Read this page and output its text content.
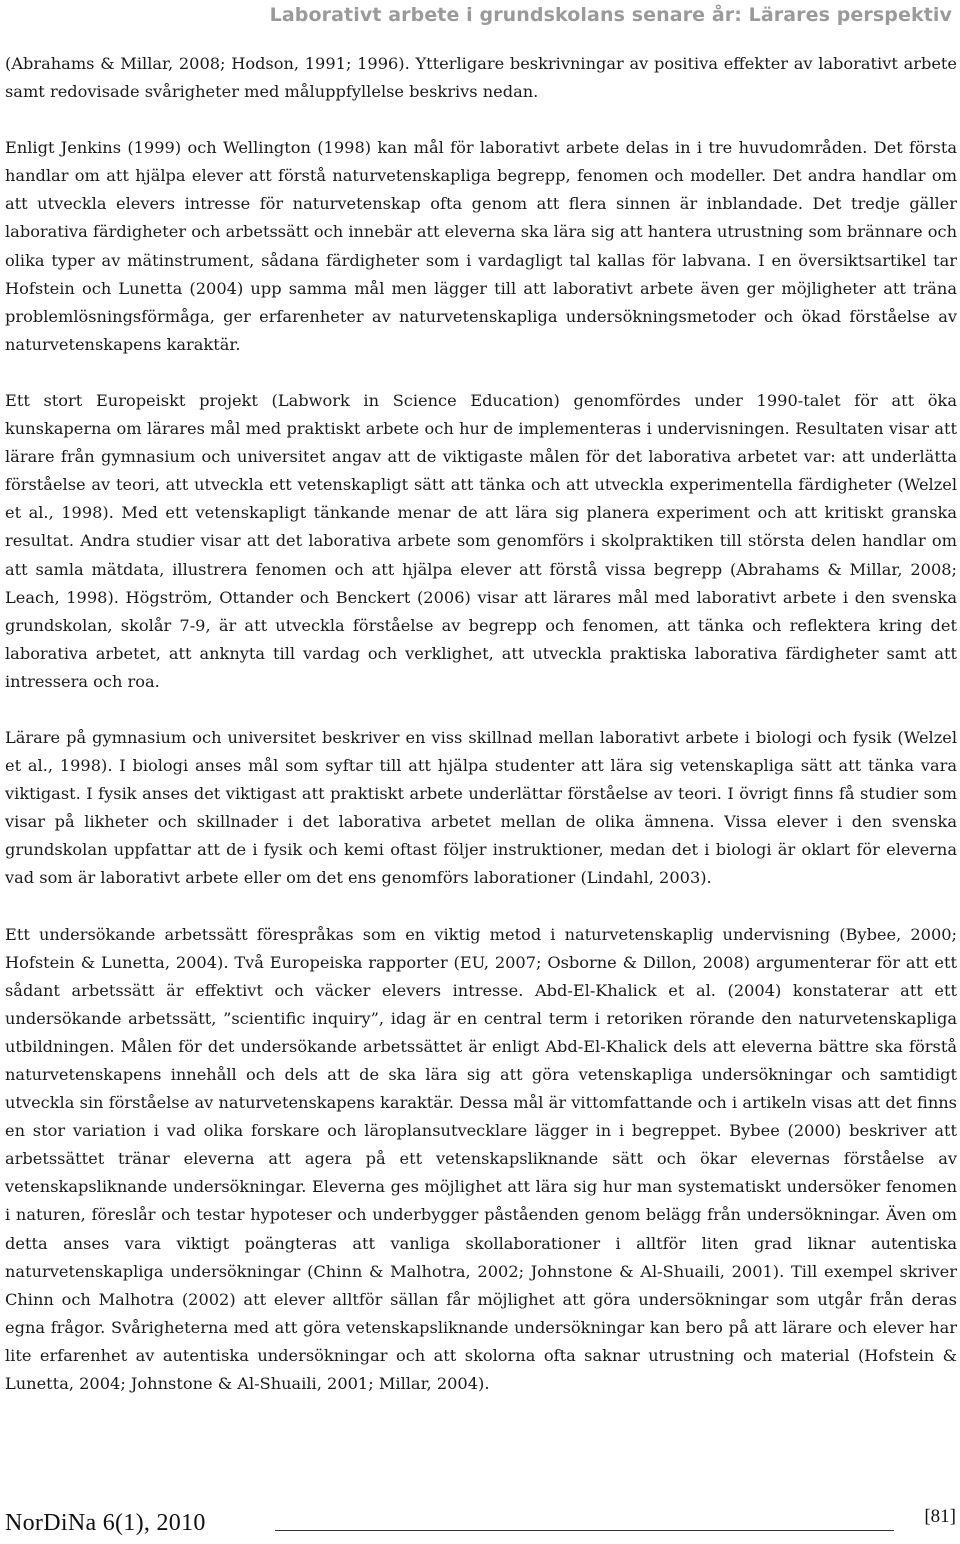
Laborativt arbete i grundskolans senare år: Lärares perspektiv

(Abrahams & Millar, 2008; Hodson, 1991; 1996). Ytterligare beskrivningar av positiva effekter av laborativt arbete samt redovisade svårigheter med måluppfyllelse beskrivs nedan.

Enligt Jenkins (1999) och Wellington (1998) kan mål för laborativt arbete delas in i tre huvudområden. Det första handlar om att hjälpa elever att förstå naturvetenskapliga begrepp, fenomen och modeller. Det andra handlar om att utveckla elevers intresse för naturvetenskap ofta genom att flera sinnen är inblandade. Det tredje gäller laborativa färdigheter och arbetssätt och innebär att eleverna ska lära sig att hantera utrustning som brännare och olika typer av mätinstrument, sådana färdigheter som i vardagligt tal kallas för labvana. I en översiktsartikel tar Hofstein och Lunetta (2004) upp samma mål men lägger till att laborativt arbete även ger möjligheter att träna problemlösningsförmåga, ger erfarenheter av naturvetenskapliga undersökningsmetoder och ökad förståelse av naturvetenskapens karaktär.

Ett stort Europeiskt projekt (Labwork in Science Education) genomfördes under 1990-talet för att öka kunskaperna om lärares mål med praktiskt arbete och hur de implementeras i undervisningen. Resultaten visar att lärare från gymnasium och universitet angav att de viktigaste målen för det laborativa arbetet var: att underlätta förståelse av teori, att utveckla ett vetenskapligt sätt att tänka och att utveckla experimentella färdigheter (Welzel et al., 1998). Med ett vetenskapligt tänkande menar de att lära sig planera experiment och att kritiskt granska resultat. Andra studier visar att det laborativa arbete som genomförs i skolpraktiken till största delen handlar om att samla mätdata, illustrera fenomen och att hjälpa elever att förstå vissa begrepp (Abrahams & Millar, 2008; Leach, 1998). Högström, Ottander och Benckert (2006) visar att lärares mål med laborativt arbete i den svenska grundskolan, skolår 7-9, är att utveckla förståelse av begrepp och fenomen, att tänka och reflektera kring det laborativa arbetet, att anknyta till vardag och verklighet, att utveckla praktiska laborativa färdigheter samt att intressera och roa.

Lärare på gymnasium och universitet beskriver en viss skillnad mellan laborativt arbete i biologi och fysik (Welzel et al., 1998). I biologi anses mål som syftar till att hjälpa studenter att lära sig vetenskapliga sätt att tänka vara viktigast. I fysik anses det viktigast att praktiskt arbete underlättar förståelse av teori. I övrigt finns få studier som visar på likheter och skillnader i det laborativa arbetet mellan de olika ämnena. Vissa elever i den svenska grundskolan uppfattar att de i fysik och kemi oftast följer instruktioner, medan det i biologi är oklart för eleverna vad som är laborativt arbete eller om det ens genomförs laborationer (Lindahl, 2003).

Ett undersökande arbetssätt förespråkas som en viktig metod i naturvetenskaplig undervisning (Bybee, 2000; Hofstein & Lunetta, 2004). Två Europeiska rapporter (EU, 2007; Osborne & Dillon, 2008) argumenterar för att ett sådant arbetssätt är effektivt och väcker elevers intresse. Abd-El-Khalick et al. (2004) konstaterar att ett undersökande arbetssätt, ”scientific inquiry”, idag är en central term i retoriken rörande den naturvetenskapliga utbildningen. Målen för det undersökande arbetssättet är enligt Abd-El-Khalick dels att eleverna bättre ska förstå naturvetenskapens innehåll och dels att de ska lära sig att göra vetenskapliga undersökningar och samtidigt utveckla sin förståelse av naturvetenskapens karaktär. Dessa mål är vittomfattande och i artikeln visas att det finns en stor variation i vad olika forskare och läroplansutvecklare lägger in i begreppet. Bybee (2000) beskriver att arbetssättet tränar eleverna att agera på ett vetenskapsliknande sätt och ökar elevernas förståelse av vetenskapsliknande undersökningar. Eleverna ges möjlighet att lära sig hur man systematiskt undersöker fenomen i naturen, föreslår och testar hypoteser och underbygger påståenden genom belägg från undersökningar. Även om detta anses vara viktigt poängteras att vanliga skollaborationer i alltför liten grad liknar autentiska naturvetenskapliga undersökningar (Chinn & Malhotra, 2002; Johnstone & Al-Shuaili, 2001). Till exempel skriver Chinn och Malhotra (2002) att elever alltför sällan får möjlighet att göra undersökningar som utgår från deras egna frågor. Svårigheterna med att göra vetenskapsliknande undersökningar kan bero på att lärare och elever har lite erfarenhet av autentiska undersökningar och att skolorna ofta saknar utrustning och material (Hofstein & Lunetta, 2004; Johnstone & Al-Shuaili, 2001; Millar, 2004).

NorDiNa 6(1), 2010	[81]
